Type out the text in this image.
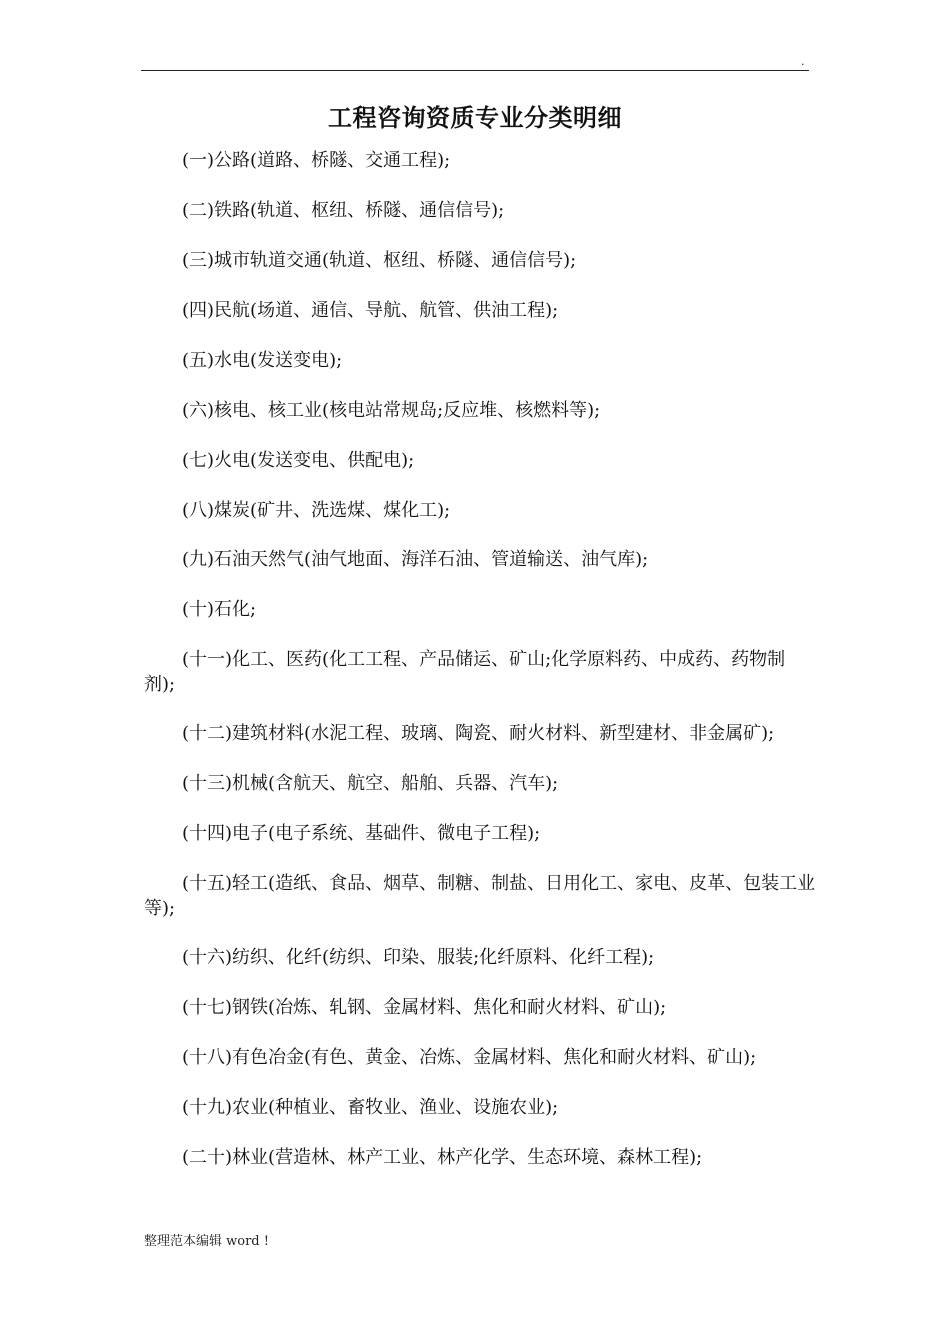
.
工程咨询资质专业分类明细

(一)公路(道路、桥隧、交通工程);

(二)铁路(轨道、枢纽、桥隧、通信信号);

(三)城市轨道交通(轨道、枢纽、桥隧、通信信号);

(四)民航(场道、通信、导航、航管、供油工程);

(五)水电(发送变电);

(六)核电、核工业(核电站常规岛;反应堆、核燃料等);

(七)火电(发送变电、供配电);

(八)煤炭(矿井、洗选煤、煤化工);

(九)石油天然气(油气地面、海洋石油、管道输送、油气库);

(十)石化;

(十一)化工、医药(化工工程、产品储运、矿山;化学原料药、中成药、药物制剂);

(十二)建筑材料(水泥工程、玻璃、陶瓷、耐火材料、新型建材、非金属矿);

(十三)机械(含航天、航空、船舶、兵器、汽车);

(十四)电子(电子系统、基础件、微电子工程);

(十五)轻工(造纸、食品、烟草、制糖、制盐、日用化工、家电、皮革、包装工业等);

(十六)纺织、化纤(纺织、印染、服装;化纤原料、化纤工程);

(十七)钢铁(冶炼、轧钢、金属材料、焦化和耐火材料、矿山);

(十八)有色冶金(有色、黄金、冶炼、金属材料、焦化和耐火材料、矿山);

(十九)农业(种植业、畜牧业、渔业、设施农业);

(二十)林业(营造林、林产工业、林产化学、生态环境、森林工程);

整理范本编辑 word !
